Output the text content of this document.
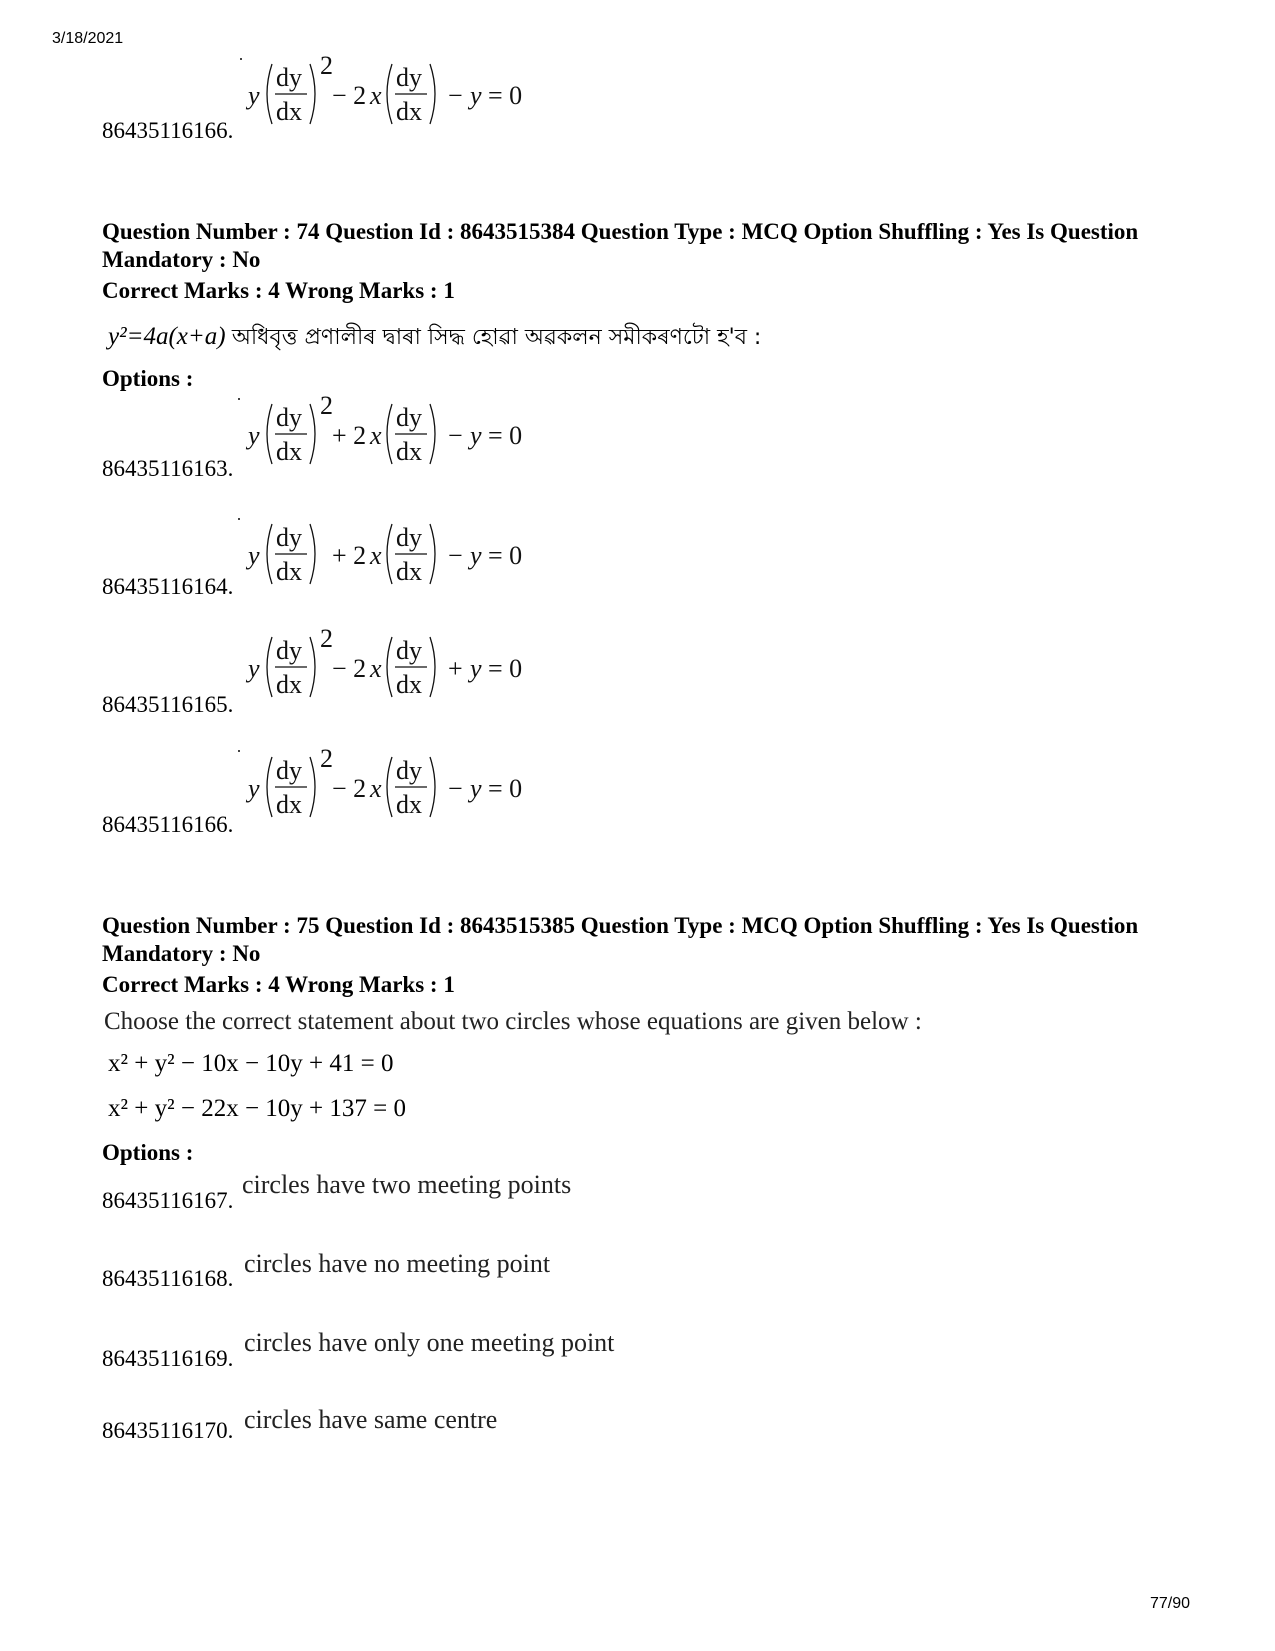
3/18/2021
77/90
y
dy
dx
2
− 2 x
dy
dx
− y = 0
86435116166.
Question Number : 74 Question Id : 8643515384 Question Type : MCQ Option Shuffling : Yes Is Question Mandatory : No
Correct Marks : 4 Wrong Marks : 1
y²=4a(x+a) অধিবৃত্ত প্ৰণালীৰ দ্বাৰা সিদ্ধ হোৱা অৱকলন সমীকৰণটো হ'ব :
Options :
y
dy
dx
2
+ 2 x
dy
dx
− y = 0
86435116163.
y
dy
dx
+ 2 x
dy
dx
− y = 0
86435116164.
y
dy
dx
2
− 2 x
dy
dx
+ y = 0
86435116165.
y
dy
dx
2
− 2 x
dy
dx
− y = 0
86435116166.
Question Number : 75 Question Id : 8643515385 Question Type : MCQ Option Shuffling : Yes Is Question Mandatory : No
Correct Marks : 4 Wrong Marks : 1
Choose the correct statement about two circles whose equations are given below :
x² + y² − 10x − 10y + 41 = 0
x² + y² − 22x − 10y + 137 = 0
Options :
circles have two meeting points
86435116167.
circles have no meeting point
86435116168.
circles have only one meeting point
86435116169.
circles have same centre
86435116170.
